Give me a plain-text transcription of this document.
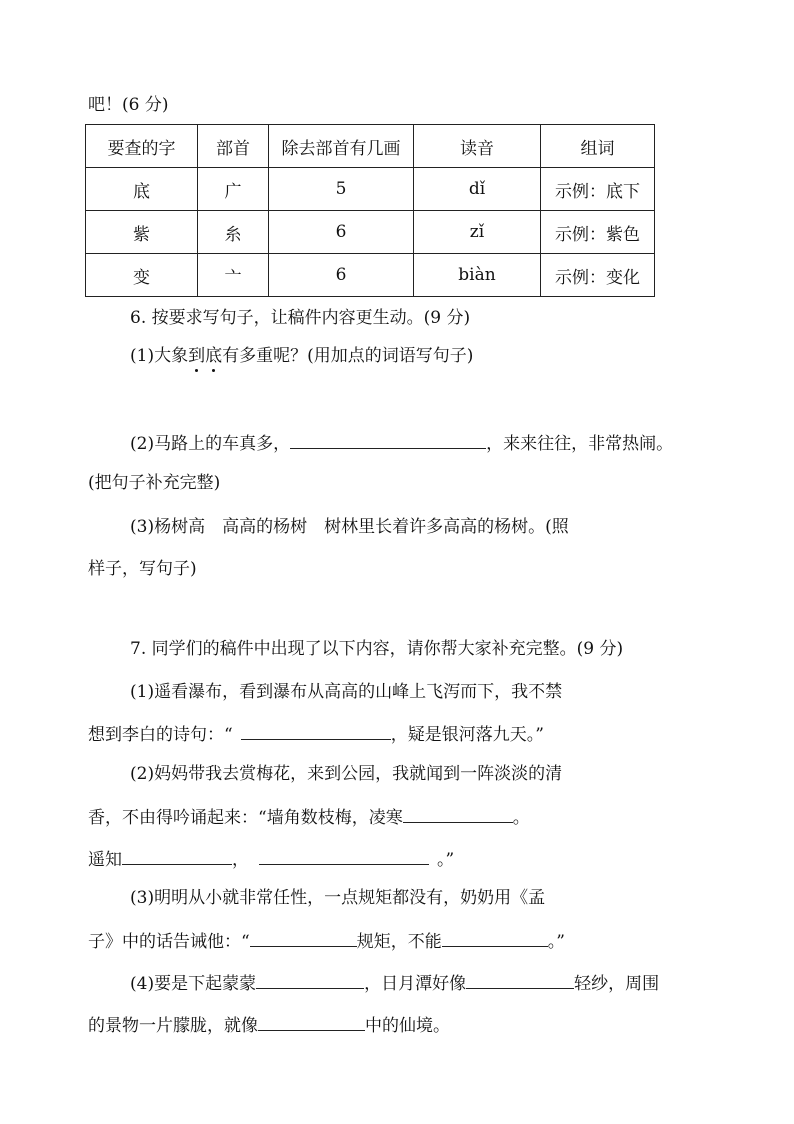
吧！(6 分)
要查的字	部首	除去部首有几画	读音	组词
底	广	5	dǐ	示例：底下
紫	糸	6	zǐ	示例：紫色
变	亠	6	biàn	示例：变化
6. 按要求写句子，让稿件内容更生动。(9 分)
(1)大象到底有多重呢？(用加点的词语写句子)
(2)马路上的车真多，	，来来往往，非常热闹。
(把句子补充完整)
(3)杨树高　高高的杨树　树林里长着许多高高的杨树。(照
样子，写句子)
7. 同学们的稿件中出现了以下内容，请你帮大家补充完整。(9 分)
(1)遥看瀑布，看到瀑布从高高的山峰上飞泻而下，我不禁
想到李白的诗句：“	，疑是银河落九天。”
(2)妈妈带我去赏梅花，来到公园，我就闻到一阵淡淡的清
香，不由得吟诵起来：“墙角数枝梅，凌寒	。
遥知	，	。”
(3)明明从小就非常任性，一点规矩都没有，奶奶用《孟
子》中的话告诫他：“	规矩，不能	。”
(4)要是下起蒙蒙	，日月潭好像	轻纱，周围
的景物一片朦胧，就像	中的仙境。
